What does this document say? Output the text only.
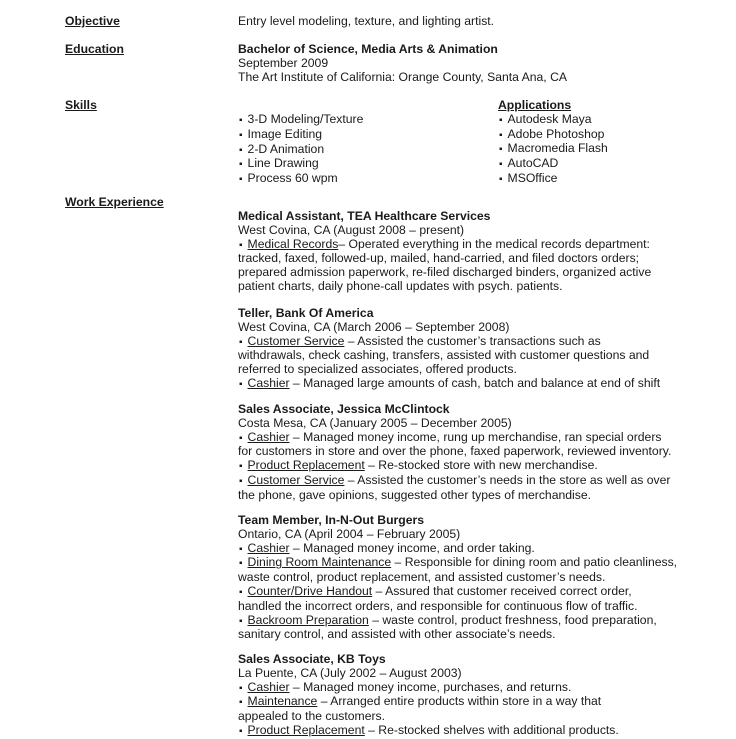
Objective	Entry level modeling, texture, and lighting artist.
Education	Bachelor of Science, Media Arts & Animation
September 2009
The Art Institute of California: Orange County, Santa Ana, CA
Skills
▪ 3-D Modeling/Texture
▪ Image Editing
▪ 2-D Animation
▪ Line Drawing
▪ Process 60 wpm
Applications
▪ Autodesk Maya
▪ Adobe Photoshop
▪ Macromedia Flash
▪ AutoCAD
▪ MSOffice
Work Experience
Medical Assistant, TEA Healthcare Services
West Covina, CA (August 2008 – present)
▪ Medical Records– Operated everything in the medical records department:
tracked, faxed, followed-up, mailed, hand-carried, and filed doctors orders;
prepared admission paperwork, re-filed discharged binders, organized active
patient charts, daily phone-call updates with psych. patients.
Teller, Bank Of America
West Covina, CA (March 2006 – September 2008)
▪ Customer Service – Assisted the customer’s transactions such as
withdrawals, check cashing, transfers, assisted with customer questions and
referred to specialized associates, offered products.
▪ Cashier – Managed large amounts of cash, batch and balance at end of shift
Sales Associate, Jessica McClintock
Costa Mesa, CA (January 2005 – December 2005)
▪ Cashier – Managed money income, rung up merchandise, ran special orders
for customers in store and over the phone, faxed paperwork, reviewed inventory.
▪ Product Replacement – Re-stocked store with new merchandise.
▪ Customer Service – Assisted the customer’s needs in the store as well as over
the phone, gave opinions, suggested other types of merchandise.
Team Member, In-N-Out Burgers
Ontario, CA (April 2004 – February 2005)
▪ Cashier – Managed money income, and order taking.
▪ Dining Room Maintenance – Responsible for dining room and patio cleanliness,
waste control, product replacement, and assisted customer’s needs.
▪ Counter/Drive Handout – Assured that customer received correct order,
handled the incorrect orders, and responsible for continuous flow of traffic.
▪ Backroom Preparation – waste control, product freshness, food preparation,
sanitary control, and assisted with other associate’s needs.
Sales Associate, KB Toys
La Puente, CA (July 2002 – August 2003)
▪ Cashier – Managed money income, purchases, and returns.
▪ Maintenance – Arranged entire products within store in a way that
appealed to the customers.
▪ Product Replacement – Re-stocked shelves with additional products.
